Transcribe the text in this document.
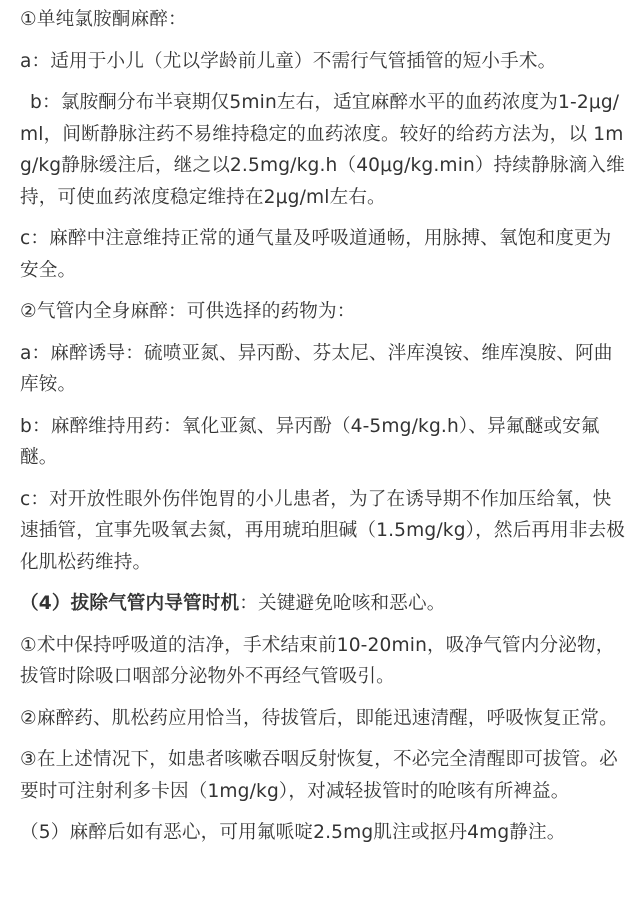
①单纯氯胺酮麻醉：

a：适用于小儿（尤以学龄前儿童）不需行气管插管的短小手术。

b：氯胺酮分布半衰期仅5min左右，适宜麻醉水平的血药浓度为1-2μg/ml，间断静脉注药不易维持稳定的血药浓度。较好的给药方法为，以 1mg/kg静脉缓注后，继之以2.5mg/kg.h（40μg/kg.min）持续静脉滴入维持，可使血药浓度稳定维持在2μg/ml左右。

c：麻醉中注意维持正常的通气量及呼吸道通畅，用脉搏、氧饱和度更为安全。

②气管内全身麻醉：可供选择的药物为：

a：麻醉诱导：硫喷亚氮、异丙酚、芬太尼、泮库溴铵、维库溴胺、阿曲库铵。

b：麻醉维持用药：氧化亚氮、异丙酚（4-5mg/kg.h）、异氟醚或安氟醚。

c：对开放性眼外伤伴饱胃的小儿患者，为了在诱导期不作加压给氧，快速插管，宜事先吸氧去氮，再用琥珀胆碱（1.5mg/kg），然后再用非去极化肌松药维持。

（4）拔除气管内导管时机：关键避免呛咳和恶心。

①术中保持呼吸道的洁净，手术结束前10-20min，吸净气管内分泌物，拔管时除吸口咽部分泌物外不再经气管吸引。

②麻醉药、肌松药应用恰当，待拔管后，即能迅速清醒，呼吸恢复正常。

③在上述情况下，如患者咳嗽吞咽反射恢复，不必完全清醒即可拔管。必要时可注射利多卡因（1mg/kg），对减轻拔管时的呛咳有所裨益。

（5）麻醉后如有恶心，可用氟哌啶2.5mg肌注或抠丹4mg静注。
